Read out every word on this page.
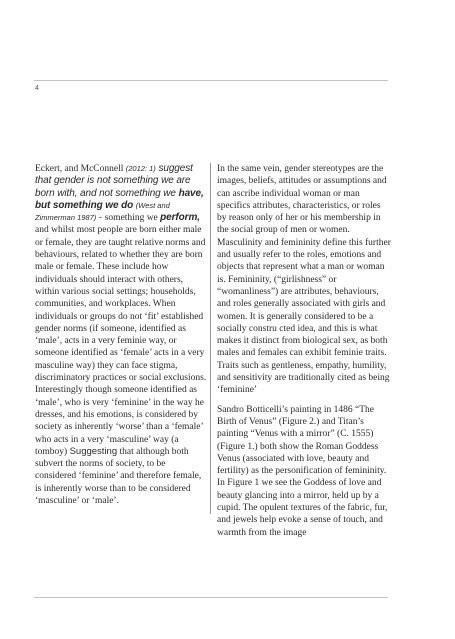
4

Eckert, and McConnell (2012: 1) suggest that gender is not something we are born with, and not something we have, but something we do (West and Zimmerman 1987) - something we perform, and whilst most people are born either male or female, they are taught relative norms and behaviours, related to whether they are born male or female. These include how individuals should interact with others, within various social settings; households, communities, and workplaces. When individuals or groups do not ‘fit’ established gender norms (if someone, identified as ‘male’, acts in a very feminie way, or someone identified as ‘female’ acts in a very masculine way) they can face stigma, discriminatory practices or social exclusions. Interestingly though someone identified as ‘male’, who is very ‘feminine’ in the way he dresses, and his emotions, is considered by society as inherently ‘worse’ than a ‘female’ who acts in a very ‘masculine’ way (a tomboy) Suggesting that although both subvert the norms of society, to be considered ‘feminine’ and therefore female, is inherently worse than to be considered ‘masculine’ or ‘male’.

In the same vein, gender stereotypes are the images, beliefs, attitudes or assumptions and can ascribe individual woman or man specifics attributes, characteristics, or roles by reason only of her or his membership in the social group of men or women. Masculinity and femininity define this further and usually refer to the roles, emotions and objects that represent what a man or woman is. Femininity, (“girlishness” or “womanliness”) are attributes, behaviours, and roles generally associated with girls and women. It is generally considered to be a socially constru cted idea, and this is what makes it distinct from biological sex, as both males and females can exhibit feminie traits. Traits such as gentleness, empathy, humility, and sensitivity are traditionally cited as being ‘feminine’

Sandro Botticelli’s painting in 1486 “The Birth of Venus” (Figure 2.) and Titan’s painting “Venus with a mirror” (C. 1555) (Figure 1.) both show the Roman Goddess Venus (associated with love, beauty and fertility) as the personification of femininity. In Figure 1 we see the Goddess of love and beauty glancing into a mirror, held up by a cupid. The opulent textures of the fabric, fur, and jewels help evoke a sense of touch, and warmth from the image
